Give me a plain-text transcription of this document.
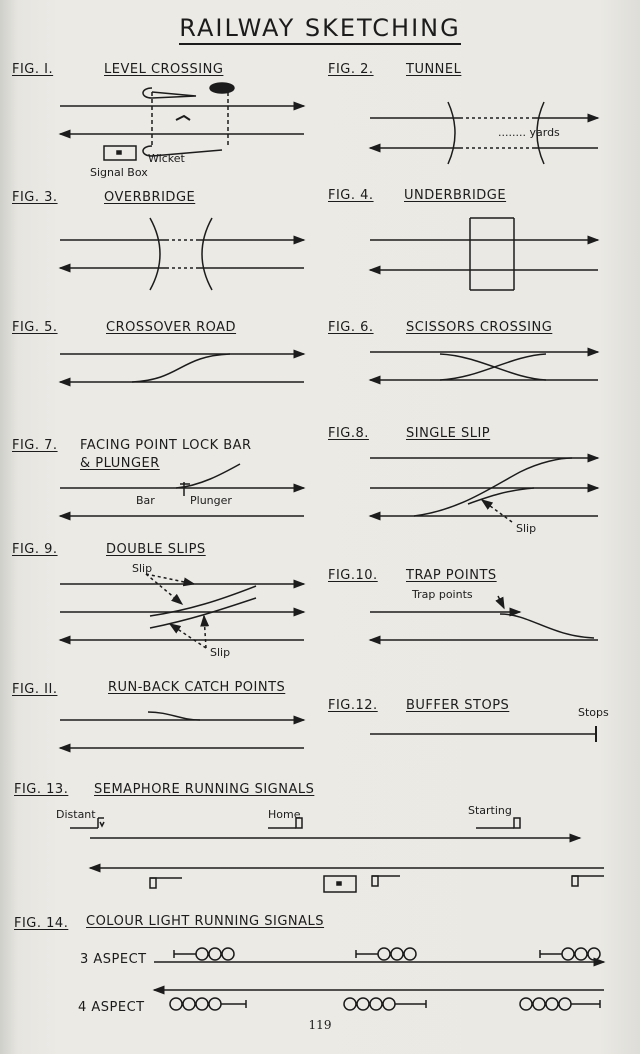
RAILWAY SKETCHING
FIG. I.	LEVEL CROSSING	FIG. 2. TUNNEL
FIG. 3.	OVERBRIDGE	FIG. 4. UNDERBRIDGE
FIG. 5.	CROSSOVER ROAD	FIG. 6. SCISSORS CROSSING
FIG. 7. FACING POINT LOCK BAR
& PLUNGER
FIG.8.	SINGLE SLIP
FIG. 9.	DOUBLE SLIPS
FIG.10. TRAP POINTS
FIG. II.	RUN-BACK CATCH POINTS
FIG.12. BUFFER STOPS
FIG. 13. SEMAPHORE RUNNING SIGNALS
FIG. 14. COLOUR LIGHT RUNNING SIGNALS
Wicket
Signal Box
........ yards
Bar	Plunger
Slip
Slip
Slip
Trap points
Stops
Distant	Home	Starting
3 ASPECT
4 ASPECT
119
